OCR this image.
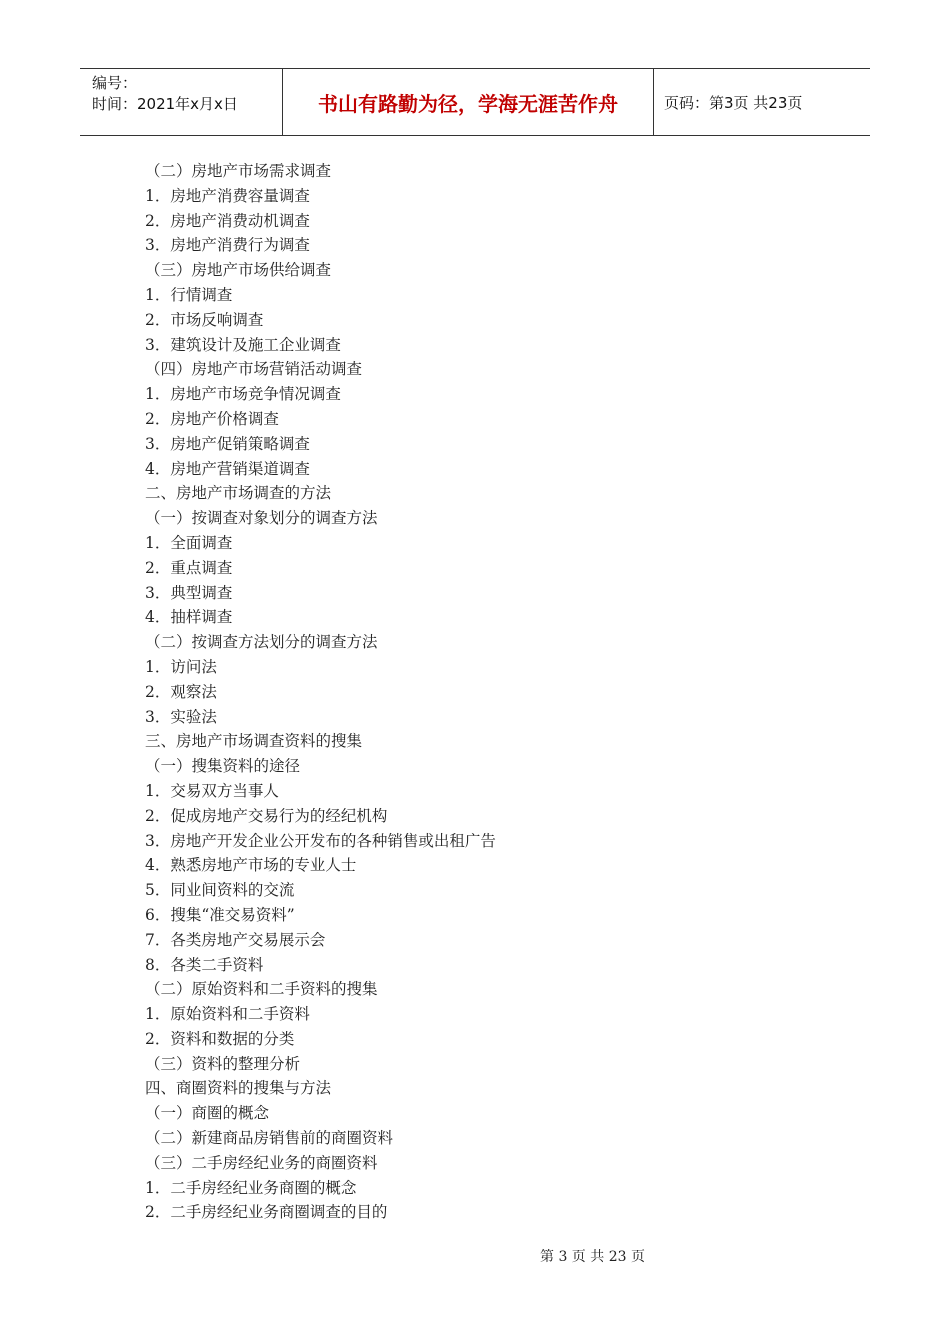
编号：
时间：2021年x月x日	书山有路勤为径，学海无涯苦作舟	页码：第3页 共23页
（二）房地产市场需求调查
1．房地产消费容量调查
2．房地产消费动机调查
3．房地产消费行为调查
（三）房地产市场供给调查
1．行情调查
2．市场反响调查
3．建筑设计及施工企业调查
（四）房地产市场营销活动调查
1．房地产市场竞争情况调查
2．房地产价格调查
3．房地产促销策略调查
4．房地产营销渠道调查
二、房地产市场调查的方法
（一）按调查对象划分的调查方法
1．全面调查
2．重点调查
3．典型调查
4．抽样调查
（二）按调查方法划分的调查方法
1．访问法
2．观察法
3．实验法
三、房地产市场调查资料的搜集
（一）搜集资料的途径
1．交易双方当事人
2．促成房地产交易行为的经纪机构
3．房地产开发企业公开发布的各种销售或出租广告
4．熟悉房地产市场的专业人士
5．同业间资料的交流
6．搜集“准交易资料”
7．各类房地产交易展示会
8．各类二手资料
（二）原始资料和二手资料的搜集
1．原始资料和二手资料
2．资料和数据的分类
（三）资料的整理分析
四、商圈资料的搜集与方法
（一）商圈的概念
（二）新建商品房销售前的商圈资料
（三）二手房经纪业务的商圈资料
1．二手房经纪业务商圈的概念
2．二手房经纪业务商圈调查的目的
第 3 页 共 23 页
